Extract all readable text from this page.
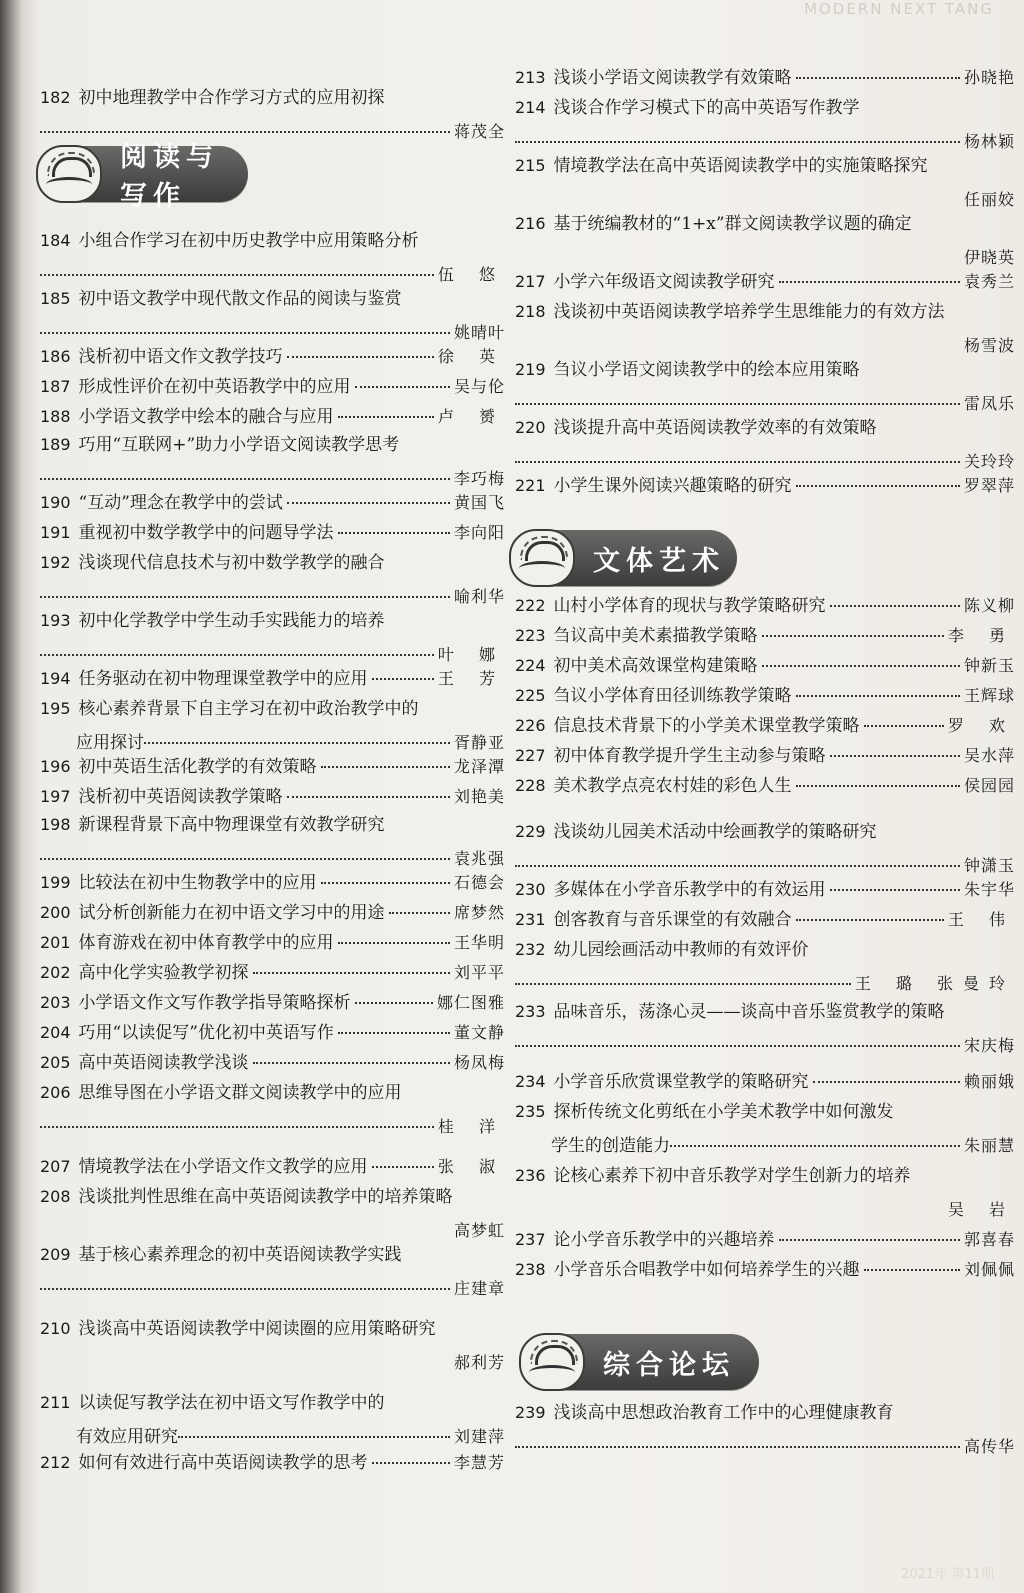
MODERN NEXT TANG
阅读与写作
182 初中地理教学中合作学习方式的应用初探
蒋茂全
184 小组合作学习在初中历史教学中应用策略分析
伍 悠
185 初中语文教学中现代散文作品的阅读与鉴赏
姚晴叶
186 浅析初中语文作文教学技巧	徐 英
187 形成性评价在初中英语教学中的应用	吴与伦
188 小学语文教学中绘本的融合与应用	卢 赟
189 巧用“互联网+”助力小学语文阅读教学思考
李巧梅
190 “互动”理念在教学中的尝试	黄国飞
191 重视初中数学教学中的问题导学法	李向阳
192 浅谈现代信息技术与初中数学教学的融合
喻利华
193 初中化学教学中学生动手实践能力的培养
叶 娜
194 任务驱动在初中物理课堂教学中的应用	王 芳
195 核心素养背景下自主学习在初中政治教学中的
应用探讨	胥静亚
196 初中英语生活化教学的有效策略	龙泽潭
197 浅析初中英语阅读教学策略	刘艳美
198 新课程背景下高中物理课堂有效教学研究
袁兆强
199 比较法在初中生物教学中的应用	石德会
200 试分析创新能力在初中语文学习中的用途	席梦然
201 体育游戏在初中体育教学中的应用	王华明
202 高中化学实验教学初探	刘平平
203 小学语文作文写作教学指导策略探析	娜仁图雅
204 巧用“以读促写”优化初中英语写作	董文静
205 高中英语阅读教学浅谈	杨凤梅
206 思维导图在小学语文群文阅读教学中的应用
桂 洋
207 情境教学法在小学语文作文教学的应用	张 淑
208 浅谈批判性思维在高中英语阅读教学中的培养策略
高梦虹
209 基于核心素养理念的初中英语阅读教学实践
庄建章
210 浅谈高中英语阅读教学中阅读圈的应用策略研究
郝利芳
211 以读促写教学法在初中语文写作教学中的
有效应用研究	刘建萍
212 如何有效进行高中英语阅读教学的思考	李慧芳
文体艺术
综合论坛
213 浅谈小学语文阅读教学有效策略	孙晓艳
214 浅谈合作学习模式下的高中英语写作教学
杨林颖
215 情境教学法在高中英语阅读教学中的实施策略探究
任丽姣
216 基于统编教材的“1+x”群文阅读教学议题的确定
伊晓英
217 小学六年级语文阅读教学研究	袁秀兰
218 浅谈初中英语阅读教学培养学生思维能力的有效方法
杨雪波
219 刍议小学语文阅读教学中的绘本应用策略
雷凤乐
220 浅谈提升高中英语阅读教学效率的有效策略
关玲玲
221 小学生课外阅读兴趣策略的研究	罗翠萍
222 山村小学体育的现状与教学策略研究	陈义柳
223 刍议高中美术素描教学策略	李 勇
224 初中美术高效课堂构建策略	钟新玉
225 刍议小学体育田径训练教学策略	王辉球
226 信息技术背景下的小学美术课堂教学策略	罗 欢
227 初中体育教学提升学生主动参与策略	吴水萍
228 美术教学点亮农村娃的彩色人生	侯园园
229 浅谈幼儿园美术活动中绘画教学的策略研究
钟潇玉
230 多媒体在小学音乐教学中的有效运用	朱宇华
231 创客教育与音乐课堂的有效融合	王 伟
232 幼儿园绘画活动中教师的有效评价
王 璐 张曼玲
233 品味音乐，荡涤心灵——谈高中音乐鉴赏教学的策略
宋庆梅
234 小学音乐欣赏课堂教学的策略研究	赖丽娥
235 探析传统文化剪纸在小学美术教学中如何激发
学生的创造能力	朱丽慧
236 论核心素养下初中音乐教学对学生创新力的培养
吴 岩
237 论小学音乐教学中的兴趣培养	郭喜春
238 小学音乐合唱教学中如何培养学生的兴趣	刘佩佩
239 浅谈高中思想政治教育工作中的心理健康教育
高传华
2021年 第11期
